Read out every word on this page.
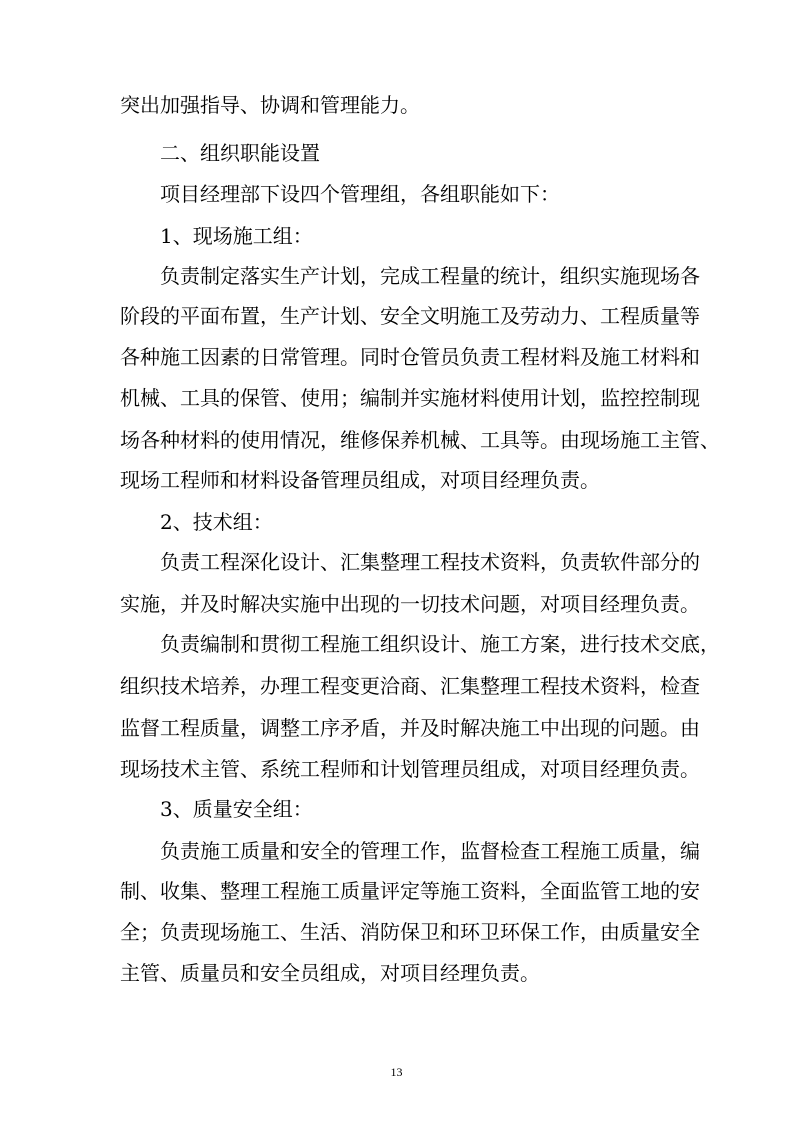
突出加强指导、协调和管理能力。
二、组织职能设置
项目经理部下设四个管理组，各组职能如下：
1、现场施工组：
负责制定落实生产计划，完成工程量的统计，组织实施现场各
阶段的平面布置，生产计划、安全文明施工及劳动力、工程质量等
各种施工因素的日常管理。同时仓管员负责工程材料及施工材料和
机械、工具的保管、使用；编制并实施材料使用计划，监控控制现
场各种材料的使用情况，维修保养机械、工具等。由现场施工主管、
现场工程师和材料设备管理员组成，对项目经理负责。
2、技术组：
负责工程深化设计、汇集整理工程技术资料，负责软件部分的
实施，并及时解决实施中出现的一切技术问题，对项目经理负责。
负责编制和贯彻工程施工组织设计、施工方案，进行技术交底，
组织技术培养，办理工程变更洽商、汇集整理工程技术资料，检查
监督工程质量，调整工序矛盾，并及时解决施工中出现的问题。由
现场技术主管、系统工程师和计划管理员组成，对项目经理负责。
3、质量安全组：
负责施工质量和安全的管理工作，监督检查工程施工质量，编
制、收集、整理工程施工质量评定等施工资料，全面监管工地的安
全；负责现场施工、生活、消防保卫和环卫环保工作，由质量安全
主管、质量员和安全员组成，对项目经理负责。
13
